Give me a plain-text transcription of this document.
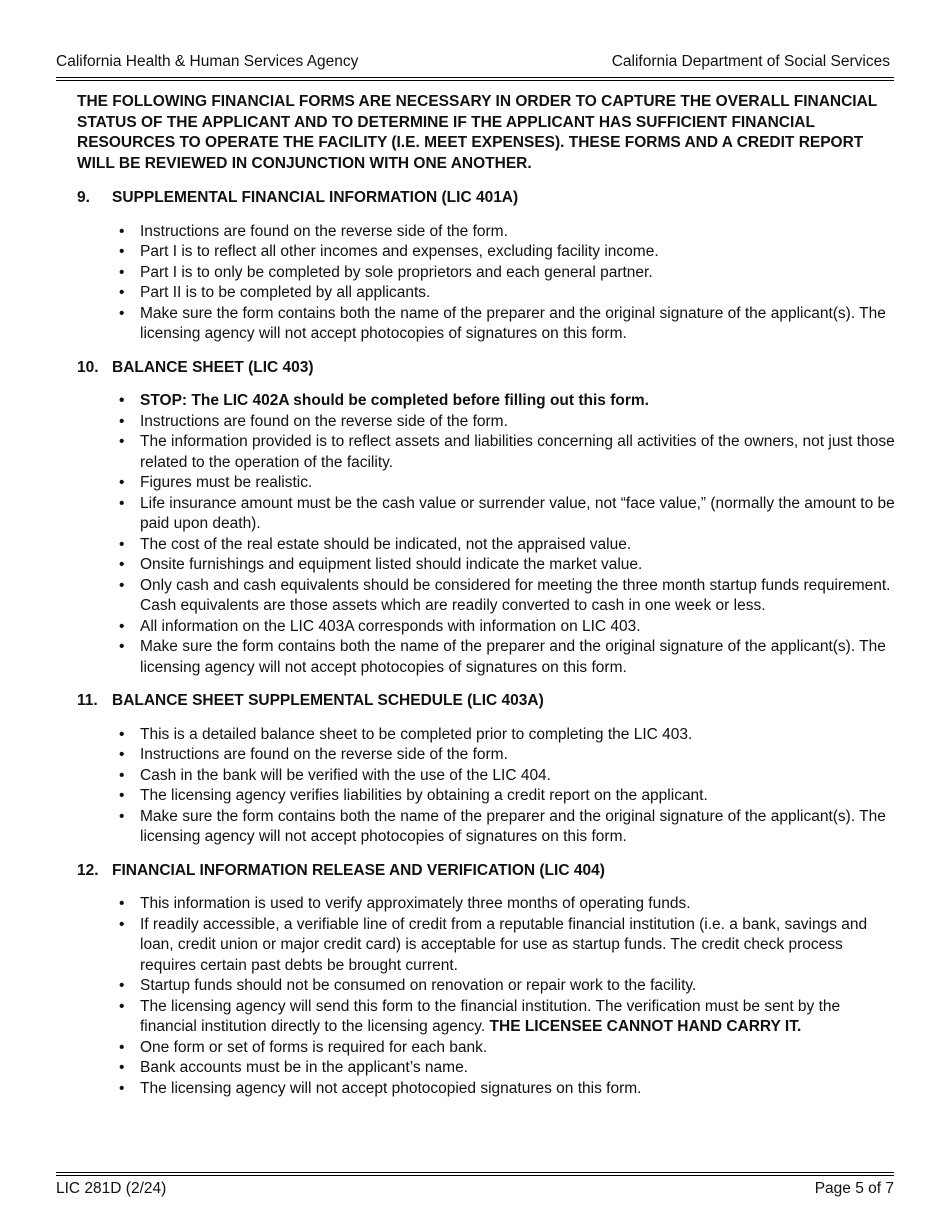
California Health & Human Services Agency	California Department of Social Services

THE FOLLOWING FINANCIAL FORMS ARE NECESSARY IN ORDER TO CAPTURE THE OVERALL FINANCIAL STATUS OF THE APPLICANT AND TO DETERMINE IF THE APPLICANT HAS SUFFICIENT FINANCIAL RESOURCES TO OPERATE THE FACILITY (I.E. MEET EXPENSES). THESE FORMS AND A CREDIT REPORT WILL BE REVIEWED IN CONJUNCTION WITH ONE ANOTHER.

9.	SUPPLEMENTAL FINANCIAL INFORMATION (LIC 401A)
• Instructions are found on the reverse side of the form.
• Part I is to reflect all other incomes and expenses, excluding facility income.
• Part I is to only be completed by sole proprietors and each general partner.
• Part II is to be completed by all applicants.
• Make sure the form contains both the name of the preparer and the original signature of the applicant(s). The licensing agency will not accept photocopies of signatures on this form.
10. BALANCE SHEET (LIC 403)
• STOP: The LIC 402A should be completed before filling out this form.
• Instructions are found on the reverse side of the form.
• The information provided is to reflect assets and liabilities concerning all activities of the owners, not just those related to the operation of the facility.
• Figures must be realistic.
• Life insurance amount must be the cash value or surrender value, not “face value,” (normally the amount to be paid upon death).
• The cost of the real estate should be indicated, not the appraised value.
• Onsite furnishings and equipment listed should indicate the market value.
• Only cash and cash equivalents should be considered for meeting the three month startup funds requirement. Cash equivalents are those assets which are readily converted to cash in one week or less.
• All information on the LIC 403A corresponds with information on LIC 403.
• Make sure the form contains both the name of the preparer and the original signature of the applicant(s). The licensing agency will not accept photocopies of signatures on this form.
11. BALANCE SHEET SUPPLEMENTAL SCHEDULE (LIC 403A)
• This is a detailed balance sheet to be completed prior to completing the LIC 403.
• Instructions are found on the reverse side of the form.
• Cash in the bank will be verified with the use of the LIC 404.
• The licensing agency verifies liabilities by obtaining a credit report on the applicant.
• Make sure the form contains both the name of the preparer and the original signature of the applicant(s). The licensing agency will not accept photocopies of signatures on this form.
12. FINANCIAL INFORMATION RELEASE AND VERIFICATION (LIC 404)
• This information is used to verify approximately three months of operating funds.
• If readily accessible, a verifiable line of credit from a reputable financial institution (i.e. a bank, savings and loan, credit union or major credit card) is acceptable for use as startup funds. The credit check process requires certain past debts be brought current.
• Startup funds should not be consumed on renovation or repair work to the facility.
• The licensing agency will send this form to the financial institution. The verification must be sent by the financial institution directly to the licensing agency. THE LICENSEE CANNOT HAND CARRY IT.
• One form or set of forms is required for each bank.
• Bank accounts must be in the applicant’s name.
• The licensing agency will not accept photocopied signatures on this form.
LIC 281D (2/24)	Page 5 of 7
